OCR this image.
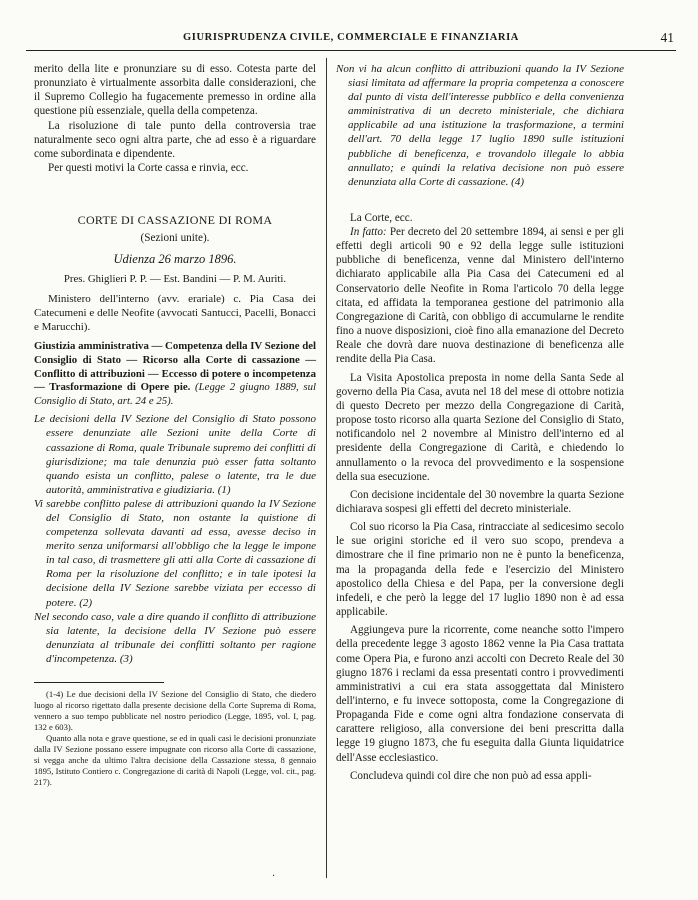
GIURISPRUDENZA CIVILE, COMMERCIALE E FINANZIARIA	41

merito della lite e pronunziare su di esso. Cotesta parte del pronunziato è virtualmente assorbita dalle considerazioni, che il Supremo Collegio ha fugacemente premesso in ordine alla questione più essenziale, quella della competenza.

La risoluzione di tale punto della controversia trae naturalmente seco ogni altra parte, che ad esso è a riguardare come subordinata e dipendente.

Per questi motivi la Corte cassa e rinvia, ecc.

CORTE DI CASSAZIONE DI ROMA
(Sezioni unite).
Udienza 26 marzo 1896.
Pres. Ghiglieri P. P. — Est. Bandini — P. M. Auriti.

Ministero dell'interno (avv. erariale) c. Pia Casa dei Catecumeni e delle Neofite (avvocati Santucci, Pacelli, Bonacci e Marucchi).

Giustizia amministrativa — Competenza della IV Sezione del Consiglio di Stato — Ricorso alla Corte di cassazione — Conflitto di attribuzioni — Eccesso di potere o incompetenza — Trasformazione di Opere pie. (Legge 2 giugno 1889, sul Consiglio di Stato, art. 24 e 25).

Le decisioni della IV Sezione del Consiglio di Stato possono essere denunziate alle Sezioni unite della Corte di cassazione di Roma, quale Tribunale supremo dei conflitti di giurisdizione; ma tale denunzia può esser fatta soltanto quando esista un conflitto, palese o latente, tra le due autorità, amministrativa e giudiziaria. (1)

Vi sarebbe conflitto palese di attribuzioni quando la IV Sezione del Consiglio di Stato, non ostante la quistione di competenza sollevata davanti ad essa, avesse deciso in merito senza uniformarsi all'obbligo che la legge le impone in tal caso, di trasmettere gli atti alla Corte di cassazione di Roma per la risoluzione del conflitto; e in tale ipotesi la decisione della IV Sezione sarebbe viziata per eccesso di potere. (2)

Nel secondo caso, vale a dire quando il conflitto di attribuzione sia latente, la decisione della IV Sezione può essere denunziata al tribunale dei conflitti soltanto per ragione d'incompetenza. (3)

(1-4) Le due decisioni della IV Sezione del Consiglio di Stato, che diedero luogo al ricorso rigettato dalla presente decisione della Corte Suprema di Roma, vennero a suo tempo pubblicate nel nostro periodico (Legge, 1895, vol. I, pag. 132 e 603).

Quanto alla nota e grave questione, se ed in quali casi le decisioni pronunziate dalla IV Sezione possano essere impugnate con ricorso alla Corte di cassazione, si vegga anche da ultimo l'altra decisione della Cassazione stessa, 8 gennaio 1895, Istituto Contiero c. Congregazione di carità di Napoli (Legge, vol. cit., pag. 217).

Non vi ha alcun conflitto di attribuzioni quando la IV Sezione siasi limitata ad affermare la propria competenza a conoscere dal punto di vista dell'interesse pubblico e della convenienza amministrativa di un decreto ministeriale, che dichiara applicabile ad una istituzione la trasformazione, a termini dell'art. 70 della legge 17 luglio 1890 sulle istituzioni pubbliche di beneficenza, e trovandolo illegale lo abbia annullato; e quindi la relativa decisione non può essere denunziata alla Corte di cassazione. (4)

La Corte, ecc.

In fatto: Per decreto del 20 settembre 1894, ai sensi e per gli effetti degli articoli 90 e 92 della legge sulle istituzioni pubbliche di beneficenza, venne dal Ministero dell'interno dichiarato applicabile alla Pia Casa dei Catecumeni ed al Conservatorio delle Neofite in Roma l'articolo 70 della legge citata, ed affidata la temporanea gestione del patrimonio alla Congregazione di Carità, con obbligo di accumularne le rendite fino a nuove disposizioni, cioè fino alla emanazione del Decreto Reale che dovrà dare nuova destinazione di beneficenza alle rendite della Pia Casa.

La Visita Apostolica preposta in nome della Santa Sede al governo della Pia Casa, avuta nel 18 del mese di ottobre notizia di questo Decreto per mezzo della Congregazione di Carità, propose tosto ricorso alla quarta Sezione del Consiglio di Stato, notificandolo nel 2 novembre al Ministro dell'interno ed al presidente della Congregazione di Carità, e chiedendo lo annullamento o la revoca del provvedimento e la sospensione della sua esecuzione.

Con decisione incidentale del 30 novembre la quarta Sezione dichiarava sospesi gli effetti del decreto ministeriale.

Col suo ricorso la Pia Casa, rintracciate al sedicesimo secolo le sue origini storiche ed il vero suo scopo, prendeva a dimostrare che il fine primario non ne è punto la beneficenza, ma la propaganda della fede e l'esercizio del Ministero apostolico della Chiesa e del Papa, per la conversione degli infedeli, e che però la legge del 17 luglio 1890 non è ad essa applicabile.

Aggiungeva pure la ricorrente, come neanche sotto l'impero della precedente legge 3 agosto 1862 venne la Pia Casa trattata come Opera Pia, e furono anzi accolti con Decreto Reale del 30 giugno 1876 i reclami da essa presentati contro i provvedimenti amministrativi a cui era stata assoggettata dal Ministero dell'interno, e fu invece sottoposta, come la Congregazione di Propaganda Fide e come ogni altra fondazione conservata di carattere religioso, alla conversione dei beni prescritta dalla legge 19 giugno 1873, che fu eseguita dalla Giunta liquidatrice dell'Asse ecclesiastico.

Concludeva quindi col dire che non può ad essa appli-

.
